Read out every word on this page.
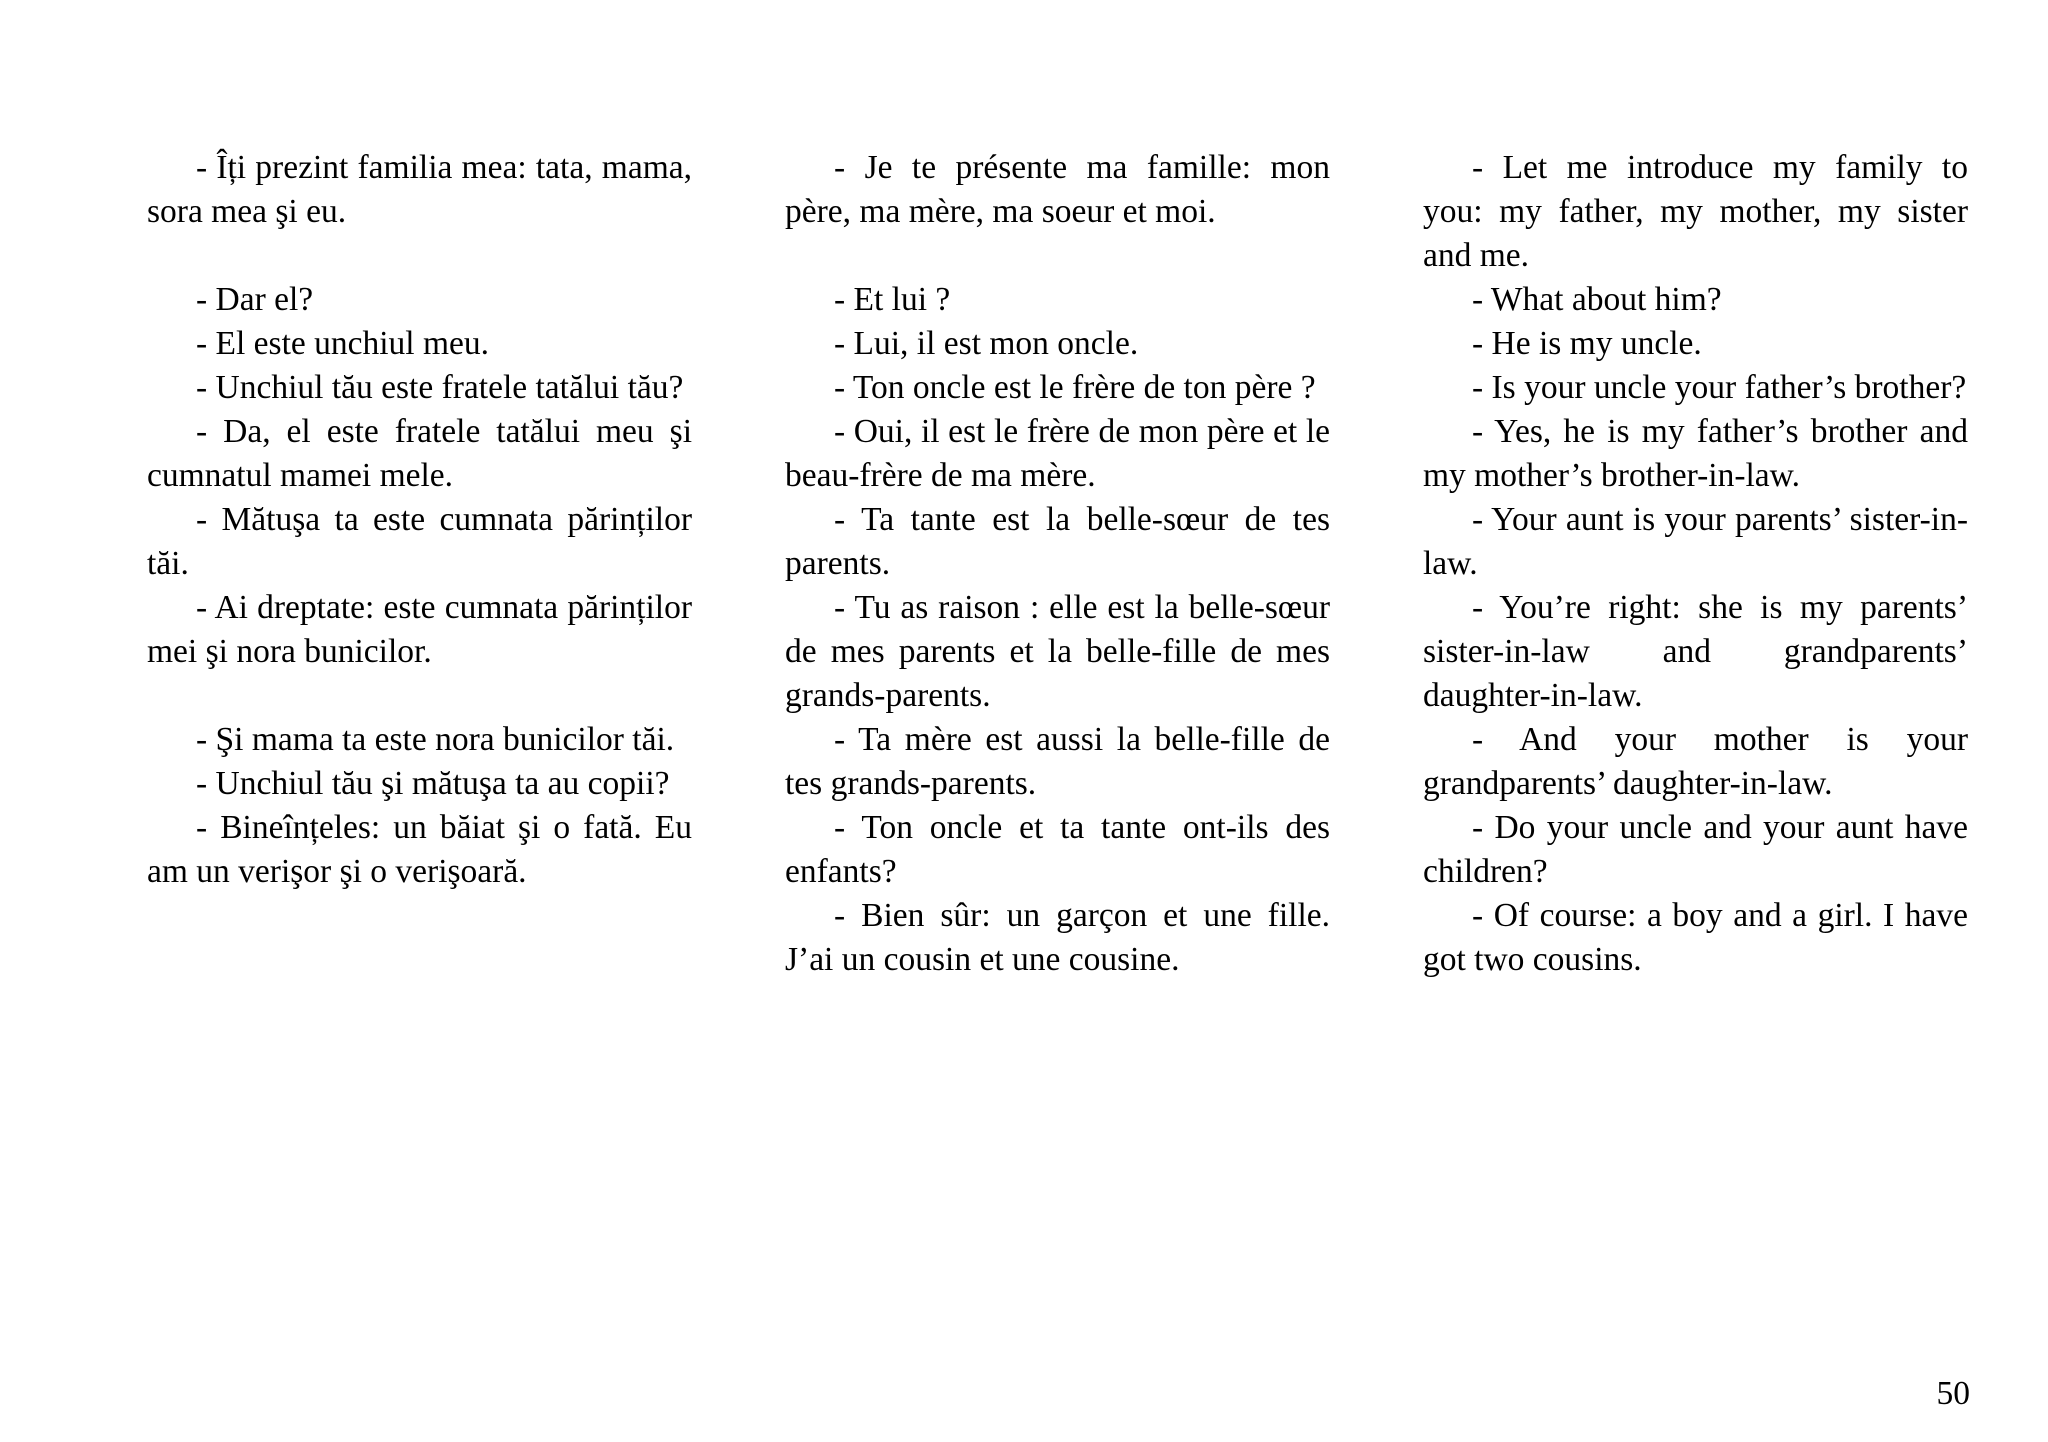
- Îți prezint familia mea: tata, mama, sora mea şi eu.

- Dar el?

- El este unchiul meu.

- Unchiul tău este fratele tatălui tău?

- Da, el este fratele tatălui meu şi cumnatul mamei mele.

- Mătuşa ta este cumnata părinților tăi.

- Ai dreptate: este cumnata părinților mei şi nora bunicilor.

- Şi mama ta este nora bunicilor tăi.

- Unchiul tău şi mătuşa ta au copii?

- Bineînțeles: un băiat şi o fată. Eu am un verişor şi o verişoară.

- Je te présente ma famille: mon père, ma mère, ma soeur et moi.

- Et lui ?

- Lui, il est mon oncle.

- Ton oncle est le frère de ton père ?

- Oui, il est le frère de mon père et le beau-frère de ma mère.

- Ta tante est la belle-sœur de tes parents.

- Tu as raison : elle est la belle-sœur de mes parents et la belle-fille de mes grands-parents.

- Ta mère est aussi la belle-fille de tes grands-parents.

- Ton oncle et ta tante ont-ils des enfants?

- Bien sûr: un garçon et une fille. J’ai un cousin et une cousine.

- Let me introduce my family to you: my father, my mother, my sister and me.

- What about him?

- He is my uncle.

- Is your uncle your father’s brother?

- Yes, he is my father’s brother and my mother’s brother-in-law.

- Your aunt is your parents’ sister-in-law.

- You’re right: she is my parents’ sister-in-law and grandparents’ daughter-in-law.

- And your mother is your grandparents’ daughter-in-law.

- Do your uncle and your aunt have children?

- Of course: a boy and a girl. I have got two cousins.

50
